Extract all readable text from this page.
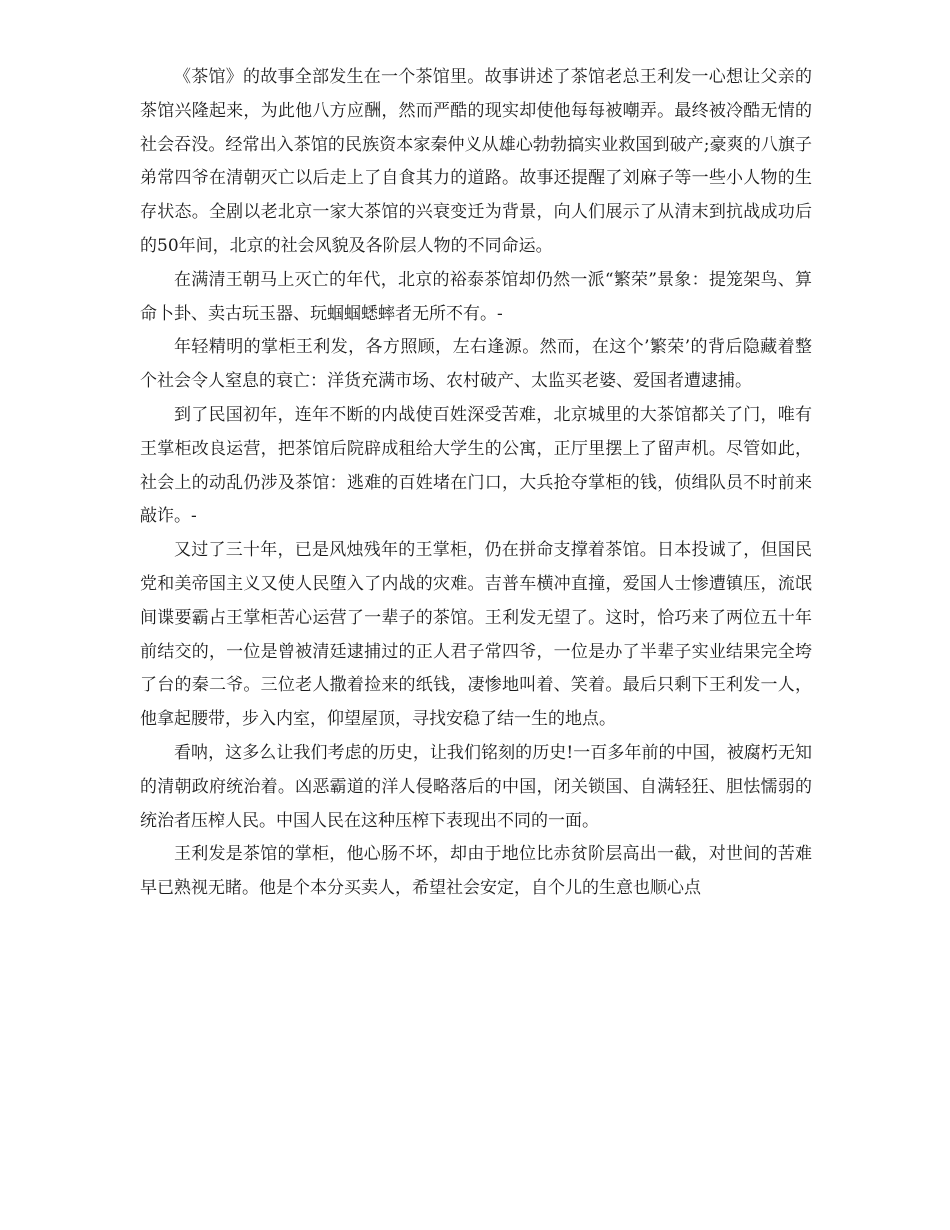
《茶馆》的故事全部发生在一个茶馆里。故事讲述了茶馆老总王利发一心想让父亲的茶馆兴隆起来，为此他八方应酬，然而严酷的现实却使他每每被嘲弄。最终被冷酷无情的社会吞没。经常出入茶馆的民族资本家秦仲义从雄心勃勃搞实业救国到破产;豪爽的八旗子弟常四爷在清朝灭亡以后走上了自食其力的道路。故事还提醒了刘麻子等一些小人物的生存状态。全剧以老北京一家大茶馆的兴衰变迁为背景，向人们展示了从清末到抗战成功后的50年间，北京的社会风貌及各阶层人物的不同命运。

在满清王朝马上灭亡的年代，北京的裕泰茶馆却仍然一派“繁荣”景象：提笼架鸟、算命卜卦、卖古玩玉器、玩蝈蝈蟋蟀者无所不有。-

年轻精明的掌柜王利发，各方照顾，左右逢源。然而，在这个’繁荣’的背后隐藏着整个社会令人窒息的衰亡：洋货充满市场、农村破产、太监买老婆、爱国者遭逮捕。

到了民国初年，连年不断的内战使百姓深受苦难，北京城里的大茶馆都关了门，唯有王掌柜改良运营，把茶馆后院辟成租给大学生的公寓，正厅里摆上了留声机。尽管如此，社会上的动乱仍涉及茶馆：逃难的百姓堵在门口，大兵抢夺掌柜的钱，侦缉队员不时前来敲诈。-

又过了三十年，已是风烛残年的王掌柜，仍在拼命支撑着茶馆。日本投诚了，但国民党和美帝国主义又使人民堕入了内战的灾难。吉普车横冲直撞，爱国人士惨遭镇压，流氓间谍要霸占王掌柜苦心运营了一辈子的茶馆。王利发无望了。这时，恰巧来了两位五十年前结交的，一位是曾被清廷逮捕过的正人君子常四爷，一位是办了半辈子实业结果完全垮了台的秦二爷。三位老人撒着捡来的纸钱，凄惨地叫着、笑着。最后只剩下王利发一人，他拿起腰带，步入内室，仰望屋顶，寻找安稳了结一生的地点。

看呐，这多么让我们考虑的历史，让我们铭刻的历史!一百多年前的中国，被腐朽无知的清朝政府统治着。凶恶霸道的洋人侵略落后的中国，闭关锁国、自满轻狂、胆怯懦弱的统治者压榨人民。中国人民在这种压榨下表现出不同的一面。

王利发是茶馆的掌柜，他心肠不坏，却由于地位比赤贫阶层高出一截，对世间的苦难早已熟视无睹。他是个本分买卖人，希望社会安定，自个儿的生意也顺心点
